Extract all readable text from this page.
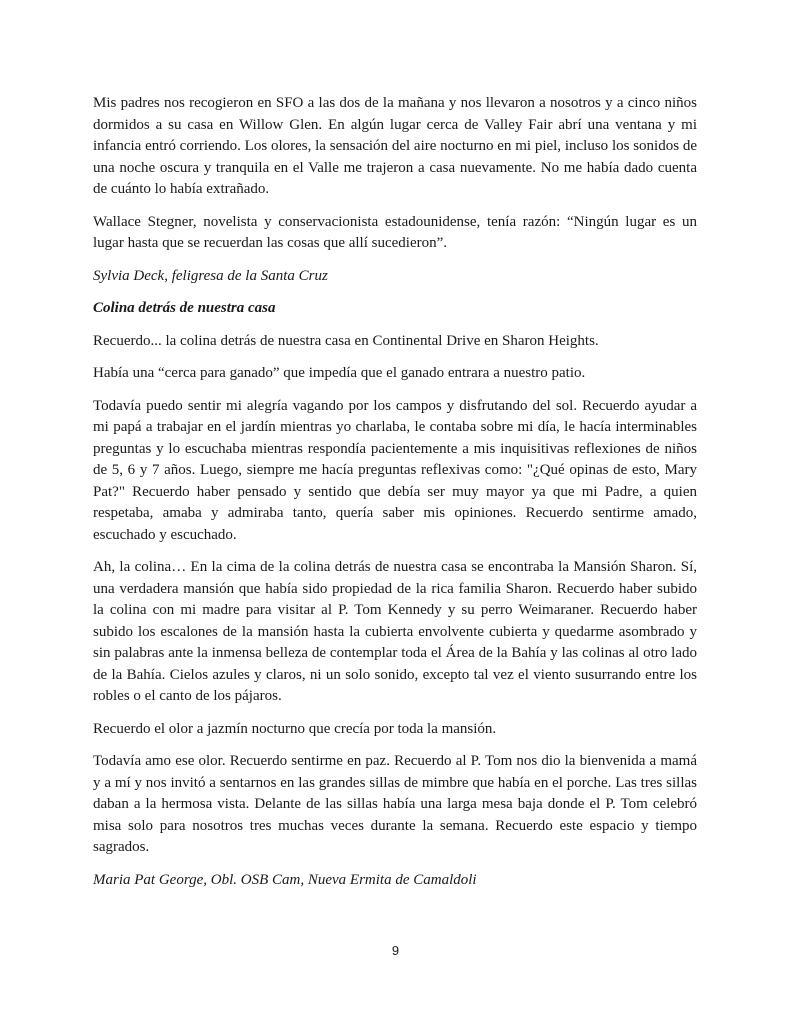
Mis padres nos recogieron en SFO a las dos de la mañana y nos llevaron a nosotros y a cinco niños dormidos a su casa en Willow Glen. En algún lugar cerca de Valley Fair abrí una ventana y mi infancia entró corriendo. Los olores, la sensación del aire nocturno en mi piel, incluso los sonidos de una noche oscura y tranquila en el Valle me trajeron a casa nuevamente. No me había dado cuenta de cuánto lo había extrañado.

Wallace Stegner, novelista y conservacionista estadounidense, tenía razón: “Ningún lugar es un lugar hasta que se recuerdan las cosas que allí sucedieron”.

Sylvia Deck, feligresa de la Santa Cruz

Colina detrás de nuestra casa

Recuerdo... la colina detrás de nuestra casa en Continental Drive en Sharon Heights.

Había una “cerca para ganado” que impedía que el ganado entrara a nuestro patio.

Todavía puedo sentir mi alegría vagando por los campos y disfrutando del sol. Recuerdo ayudar a mi papá a trabajar en el jardín mientras yo charlaba, le contaba sobre mi día, le hacía interminables preguntas y lo escuchaba mientras respondía pacientemente a mis inquisitivas reflexiones de niños de 5, 6 y 7 años. Luego, siempre me hacía preguntas reflexivas como: "¿Qué opinas de esto, Mary Pat?" Recuerdo haber pensado y sentido que debía ser muy mayor ya que mi Padre, a quien respetaba, amaba y admiraba tanto, quería saber mis opiniones. Recuerdo sentirme amado, escuchado y escuchado.

Ah, la colina… En la cima de la colina detrás de nuestra casa se encontraba la Mansión Sharon. Sí, una verdadera mansión que había sido propiedad de la rica familia Sharon. Recuerdo haber subido la colina con mi madre para visitar al P. Tom Kennedy y su perro Weimaraner. Recuerdo haber subido los escalones de la mansión hasta la cubierta envolvente cubierta y quedarme asombrado y sin palabras ante la inmensa belleza de contemplar toda el Área de la Bahía y las colinas al otro lado de la Bahía. Cielos azules y claros, ni un solo sonido, excepto tal vez el viento susurrando entre los robles o el canto de los pájaros.

Recuerdo el olor a jazmín nocturno que crecía por toda la mansión.

Todavía amo ese olor. Recuerdo sentirme en paz. Recuerdo al P. Tom nos dio la bienvenida a mamá y a mí y nos invitó a sentarnos en las grandes sillas de mimbre que había en el porche. Las tres sillas daban a la hermosa vista. Delante de las sillas había una larga mesa baja donde el P. Tom celebró misa solo para nosotros tres muchas veces durante la semana. Recuerdo este espacio y tiempo sagrados.

Maria Pat George, Obl. OSB Cam, Nueva Ermita de Camaldoli

9
